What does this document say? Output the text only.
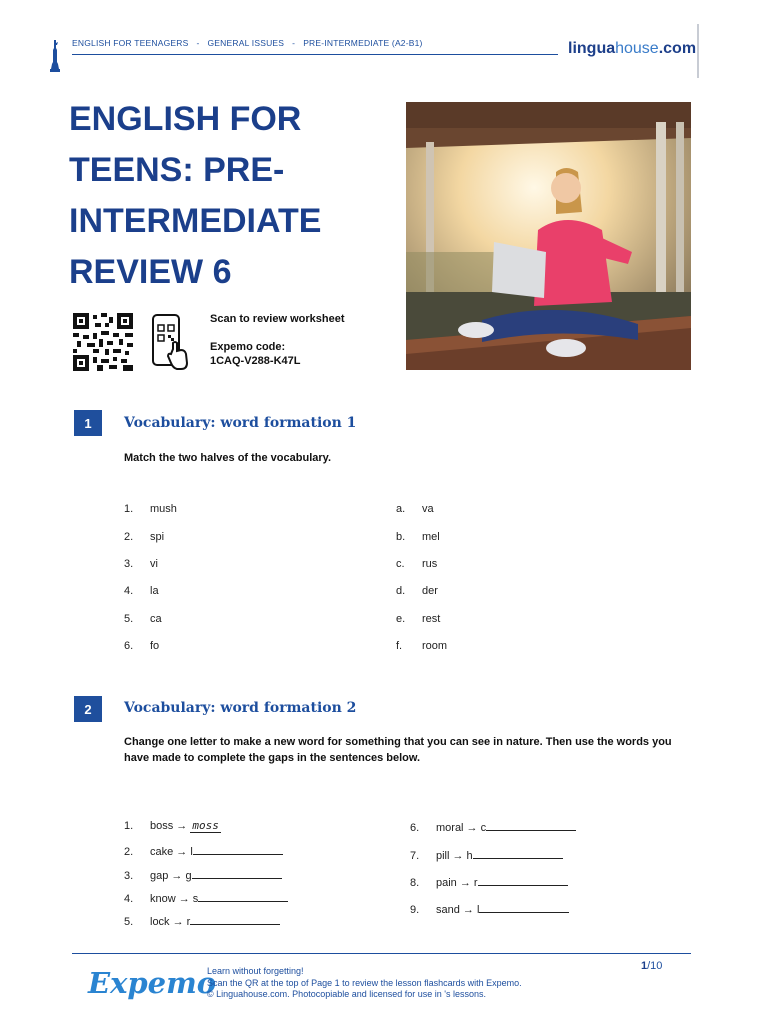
ENGLISH FOR TEENAGERS - GENERAL ISSUES - PRE-INTERMEDIATE (A2-B1)	linguahouse.com
ENGLISH FOR
TEENS: PRE-
INTERMEDIATE
REVIEW 6
Scan to review worksheet
Expemo code:
1CAQ-V288-K47L
1	Vocabulary: word formation 1
Match the two halves of the vocabulary.
1. mush
2. spi
3. vi
4. la
5. ca
6. fo
a. va
b. mel
c. rus
d. der
e. rest
f. room
2	Vocabulary: word formation 2
Change one letter to make a new word for something that you can see in nature. Then use the words you have made to complete the gaps in the sentences below.
1. boss → moss
2. cake → l
3. gap → g
4. know → s
5. lock → r
6. moral → c
7. pill → h
8. pain → r
9. sand → l
Expemo
Learn without forgetting!
Scan the QR at the top of Page 1 to review the lesson flashcards with Expemo.
© Linguahouse.com. Photocopiable and licensed for use in 's lessons.
1/10
